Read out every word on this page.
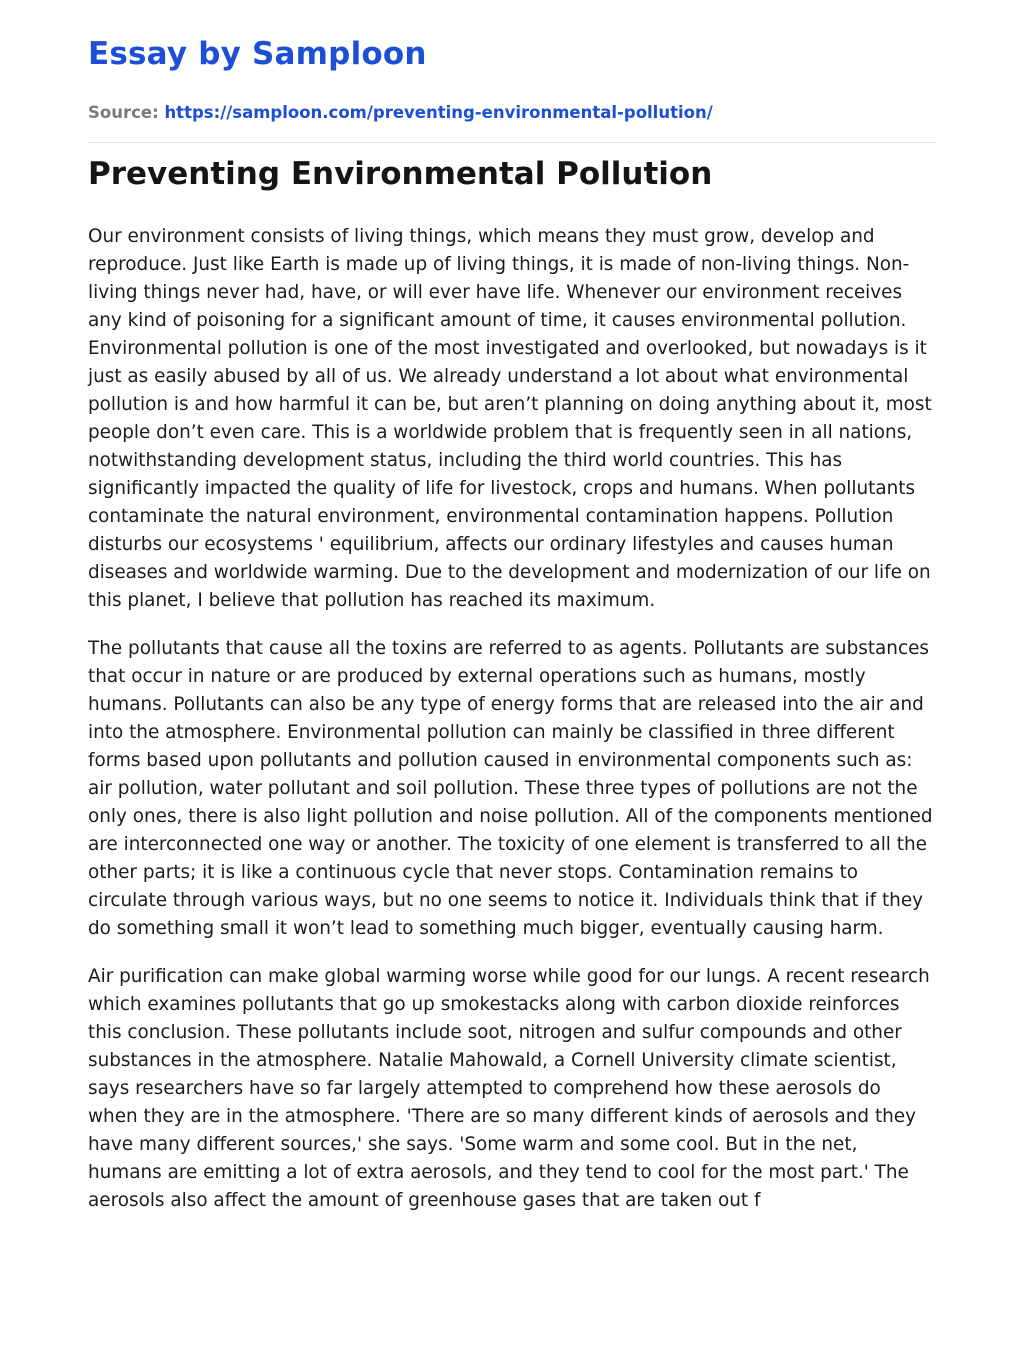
Essay by Samploon
Source: https://samploon.com/preventing-environmental-pollution/
Preventing Environmental Pollution

Our environment consists of living things, which means they must grow, develop and reproduce. Just like Earth is made up of living things, it is made of non-living things. Non-living things never had, have, or will ever have life. Whenever our environment receives any kind of poisoning for a significant amount of time, it causes environmental pollution. Environmental pollution is one of the most investigated and overlooked, but nowadays is it just as easily abused by all of us. We already understand a lot about what environmental pollution is and how harmful it can be, but aren’t planning on doing anything about it, most people don’t even care. This is a worldwide problem that is frequently seen in all nations, notwithstanding development status, including the third world countries. This has significantly impacted the quality of life for livestock, crops and humans. When pollutants contaminate the natural environment, environmental contamination happens. Pollution disturbs our ecosystems ' equilibrium, affects our ordinary lifestyles and causes human diseases and worldwide warming. Due to the development and modernization of our life on this planet, I believe that pollution has reached its maximum.

The pollutants that cause all the toxins are referred to as agents. Pollutants are substances that occur in nature or are produced by external operations such as humans, mostly humans. Pollutants can also be any type of energy forms that are released into the air and into the atmosphere. Environmental pollution can mainly be classified in three different forms based upon pollutants and pollution caused in environmental components such as: air pollution, water pollutant and soil pollution. These three types of pollutions are not the only ones, there is also light pollution and noise pollution. All of the components mentioned are interconnected one way or another. The toxicity of one element is transferred to all the other parts; it is like a continuous cycle that never stops. Contamination remains to circulate through various ways, but no one seems to notice it. Individuals think that if they do something small it won’t lead to something much bigger, eventually causing harm.

Air purification can make global warming worse while good for our lungs. A recent research which examines pollutants that go up smokestacks along with carbon dioxide reinforces this conclusion. These pollutants include soot, nitrogen and sulfur compounds and other substances in the atmosphere. Natalie Mahowald, a Cornell University climate scientist, says researchers have so far largely attempted to comprehend how these aerosols do when they are in the atmosphere. 'There are so many different kinds of aerosols and they have many different sources,' she says. 'Some warm and some cool. But in the net, humans are emitting a lot of extra aerosols, and they tend to cool for the most part.' The aerosols also affect the amount of greenhouse gases that are taken out f
